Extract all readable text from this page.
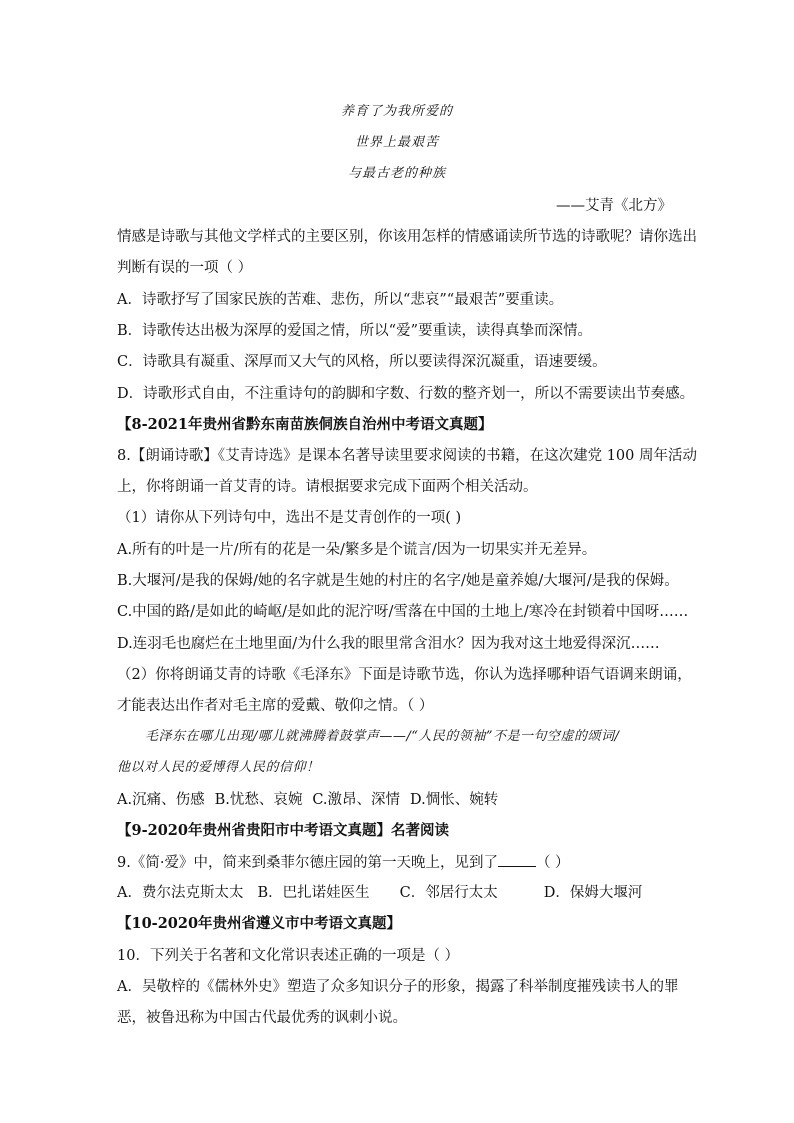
养育了为我所爱的
世界上最艰苦
与最古老的种族
——艾青《北方》
情感是诗歌与其他文学样式的主要区别，你该用怎样的情感诵读所节选的诗歌呢？请你选出
判断有误的一项（ ）
A．诗歌抒写了国家民族的苦难、悲伤，所以“悲哀”“最艰苦”要重读。
B．诗歌传达出极为深厚的爱国之情，所以“爱”要重读，读得真挚而深情。
C．诗歌具有凝重、深厚而又大气的风格，所以要读得深沉凝重，语速要缓。
D．诗歌形式自由，不注重诗句的韵脚和字数、行数的整齐划一，所以不需要读出节奏感。
【8-2021年贵州省黔东南苗族侗族自治州中考语文真题】
8.【朗诵诗歌】《艾青诗选》是课本名著导读里要求阅读的书籍，在这次建党 100 周年活动
上，你将朗诵一首艾青的诗。请根据要求完成下面两个相关活动。
（1）请你从下列诗句中，选出不是艾青创作的一项( )
A.所有的叶是一片/所有的花是一朵/繁多是个谎言/因为一切果实并无差异。
B.大堰河/是我的保姆/她的名字就是生她的村庄的名字/她是童养媳/大堰河/是我的保姆。
C.中国的路/是如此的崎岖/是如此的泥泞呀/雪落在中国的土地上/寒冷在封锁着中国呀……
D.连羽毛也腐烂在土地里面/为什么我的眼里常含泪水？因为我对这土地爱得深沉……
（2）你将朗诵艾青的诗歌《毛泽东》下面是诗歌节选，你认为选择哪种语气语调来朗诵，
才能表达出作者对毛主席的爱戴、敬仰之情。（ ）
毛泽东在哪儿出现/哪儿就沸腾着鼓掌声——/“人民的领袖”不是一句空虚的颂词/
他以对人民的爱博得人民的信仰！
A.沉痛、伤感 B.忧愁、哀婉 C.激昂、深情 D.惆怅、婉转
【9-2020年贵州省贵阳市中考语文真题】名著阅读
9.《简·爱》中，简来到桑菲尔德庄园的第一天晚上，见到了	（ ）
A．费尔法克斯太太 B．巴扎诺娃医生 C．邻居行太太	D．保姆大堰河
【10-2020年贵州省遵义市中考语文真题】
10．下列关于名著和文化常识表述正确的一项是（ ）
A．吴敬梓的《儒林外史》塑造了众多知识分子的形象，揭露了科举制度摧残读书人的罪
恶，被鲁迅称为中国古代最优秀的讽刺小说。
